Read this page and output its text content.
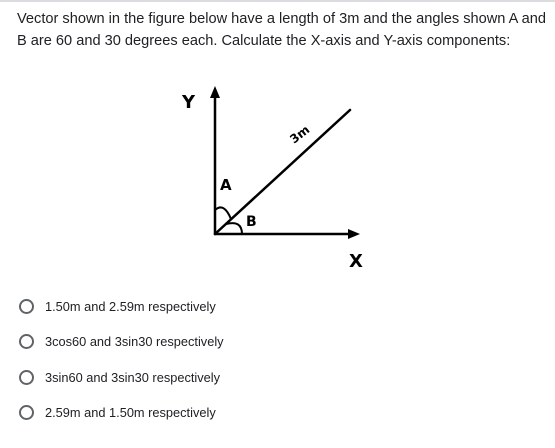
Vector shown in the figure below have a length of 3m and the angles shown A and B are 60 and 30 degrees each. Calculate the X-axis and Y-axis components:

Y
X
3m
A
B
1.50m and 2.59m respectively
3cos60 and 3sin30 respectively
3sin60 and 3sin30 respectively
2.59m and 1.50m respectively
